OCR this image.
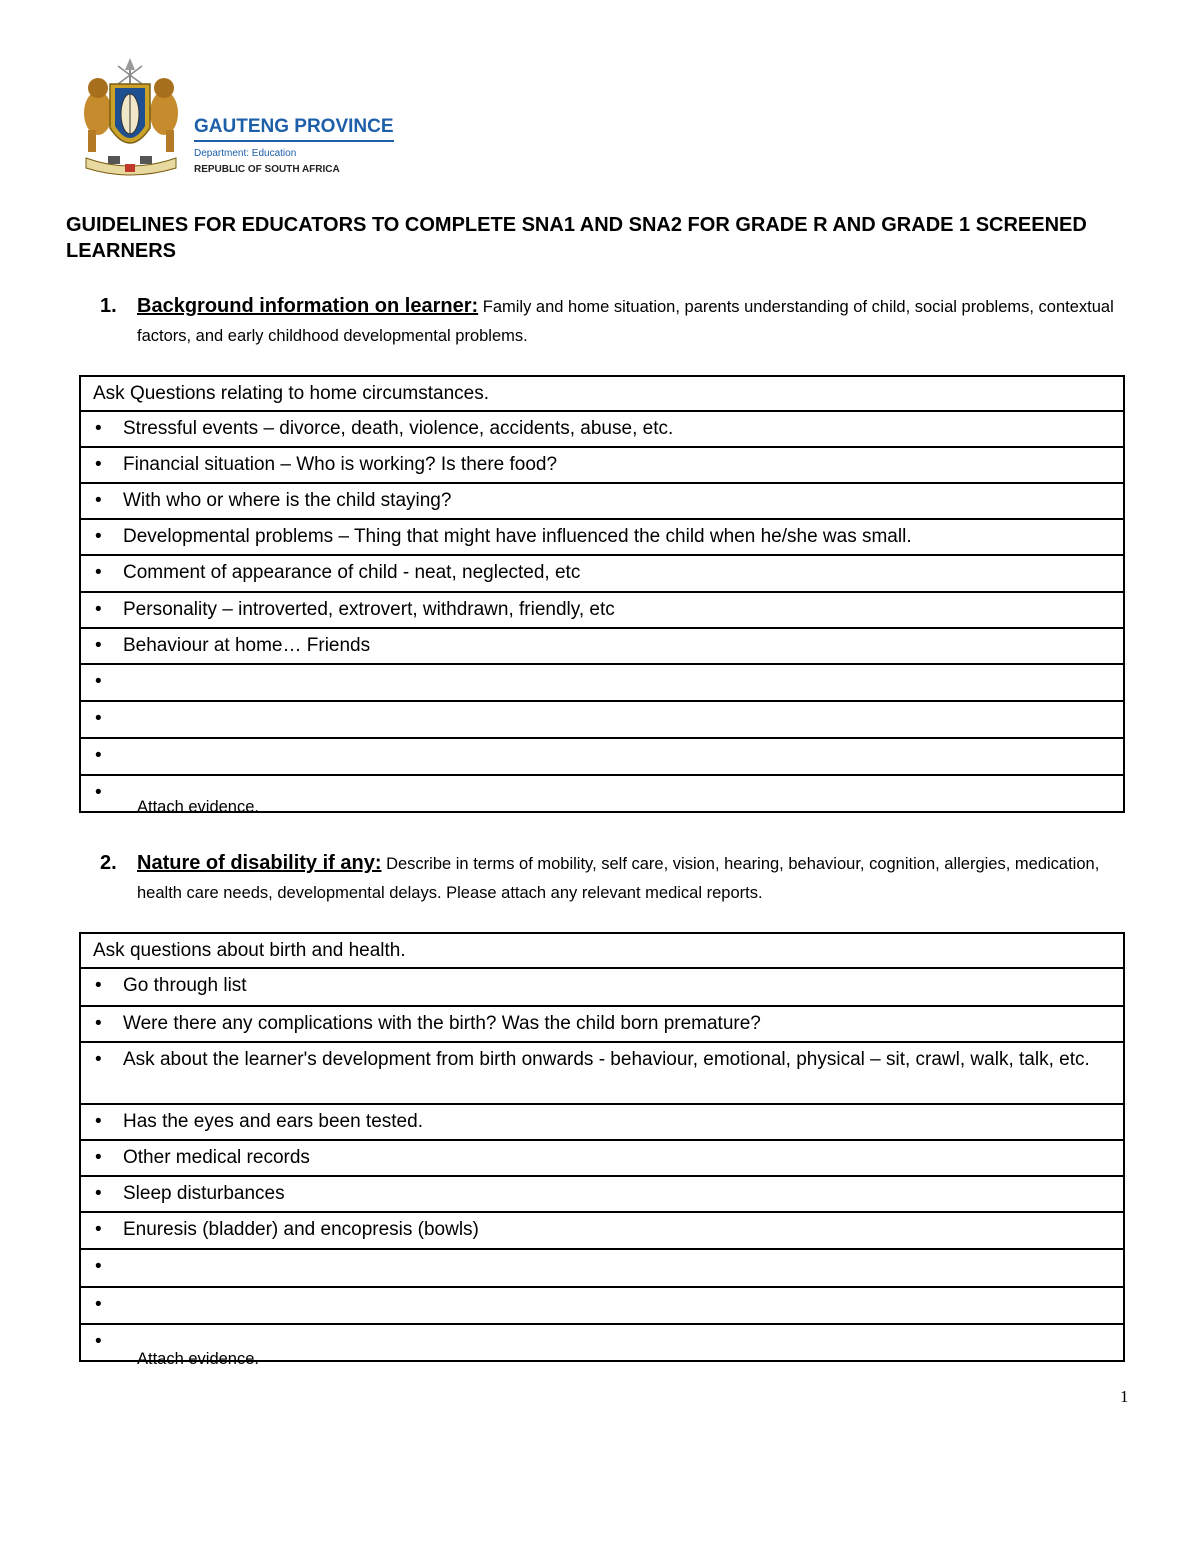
GAUTENG PROVINCE
Department: Education
REPUBLIC OF SOUTH AFRICA
GUIDELINES FOR EDUCATORS TO COMPLETE SNA1 AND SNA2 FOR GRADE R AND GRADE 1 SCREENED LEARNERS
1. Background information on learner: Family and home situation, parents understanding of child, social problems, contextual factors, and early childhood developmental problems.
Ask Questions relating to home circumstances.

• Stressful events – divorce, death, violence, accidents, abuse, etc.

• Financial situation – Who is working? Is there food?

• With who or where is the child staying?

• Developmental problems – Thing that might have influenced the child when he/she was small.

• Comment of appearance of child - neat, neglected, etc

• Personality – introverted, extrovert, withdrawn, friendly, etc

• Behaviour at home… Friends

•

•

•

•
Attach evidence.
2. Nature of disability if any: Describe in terms of mobility, self care, vision, hearing, behaviour, cognition, allergies, medication, health care needs, developmental delays. Please attach any relevant medical reports.
Ask questions about birth and health.

• Go through list

• Were there any complications with the birth? Was the child born premature?

• Ask about the learner's development from birth onwards - behaviour, emotional, physical – sit, crawl, walk, talk, etc.

• Has the eyes and ears been tested.

• Other medical records

• Sleep disturbances

• Enuresis (bladder) and encopresis (bowls)

•

•

•
Attach evidence.
1
